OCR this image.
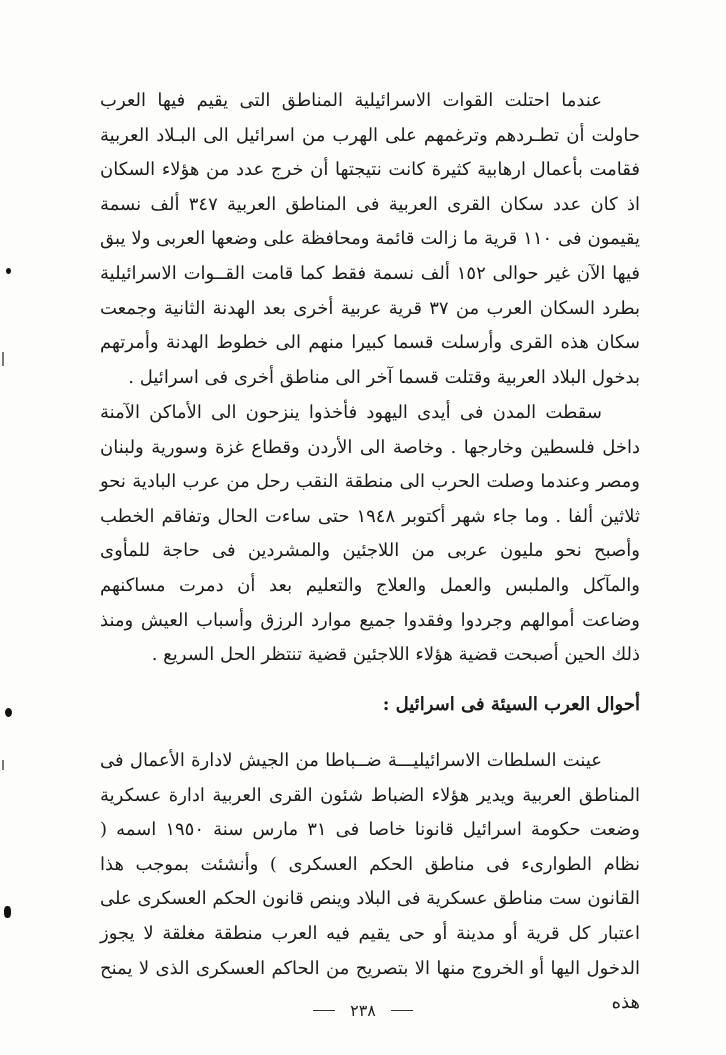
عندما احتلت القوات الاسرائيلية المناطق التى يقيم فيها العرب حاولت أن تطـردهم وترغمهم على الهرب من اسرائيل الى البـلاد العربية فقامت بأعمال ارهابية كثيرة كانت نتيجتها أن خرج عدد من هؤلاء السكان اذ كان عدد سكان القرى العربية فى المناطق العربية ٣٤٧ ألف نسمة يقيمون فى ١١٠ قرية ما زالت قائمة ومحافظة على وضعها العربى ولا يبق فيها الآن غير حوالى ١٥٢ ألف نسمة فقط كما قامت القــوات الاسرائيلية بطرد السكان العرب من ٣٧ قرية عربية أخرى بعد الهدنة الثانية وجمعت سكان هذه القرى وأرسلت قسما كبيرا منهم الى خطوط الهدنة وأمرتهم بدخول البلاد العربية وقتلت قسما آخر الى مناطق أخرى فى اسرائيل .

سقطت المدن فى أيدى اليهود فأخذوا ينزحون الى الأماكن الآمنة داخل فلسطين وخارجها . وخاصة الى الأردن وقطاع غزة وسورية ولبنان ومصر وعندما وصلت الحرب الى منطقة النقب رحل من عرب البادية نحو ثلاثين ألفا . وما جاء شهر أكتوبر ١٩٤٨ حتى ساءت الحال وتفاقم الخطب وأصبح نحو مليون عربى من اللاجئين والمشردين فى حاجة للمأوى والمآكل والملبس والعمل والعلاج والتعليم بعد أن دمرت مساكنهم وضاعت أموالهم وجردوا وفقدوا جميع موارد الرزق وأسباب العيش ومنذ ذلك الحين أصبحت قضية هؤلاء اللاجئين قضية تنتظر الحل السريع .

أحوال العرب السيئة فى اسرائيل :

عينت السلطات الاسرائيليـــة ضــباطا من الجيش لادارة الأعمال فى المناطق العربية ويدير هؤلاء الضباط شئون القرى العربية ادارة عسكرية وضعت حكومة اسرائيل قانونا خاصا فى ٣١ مارس سنة ١٩٥٠ اسمه ( نظام الطوارىء فى مناطق الحكم العسكرى ) وأنشئت بموجب هذا القانون ست مناطق عسكرية فى البلاد وينص قانون الحكم العسكرى على اعتبار كل قرية أو مدينة أو حى يقيم فيه العرب منطقة مغلقة لا يجوز الدخول اليها أو الخروج منها الا بتصريح من الحاكم العسكرى الذى لا يمنح هذه

٢٣٨
